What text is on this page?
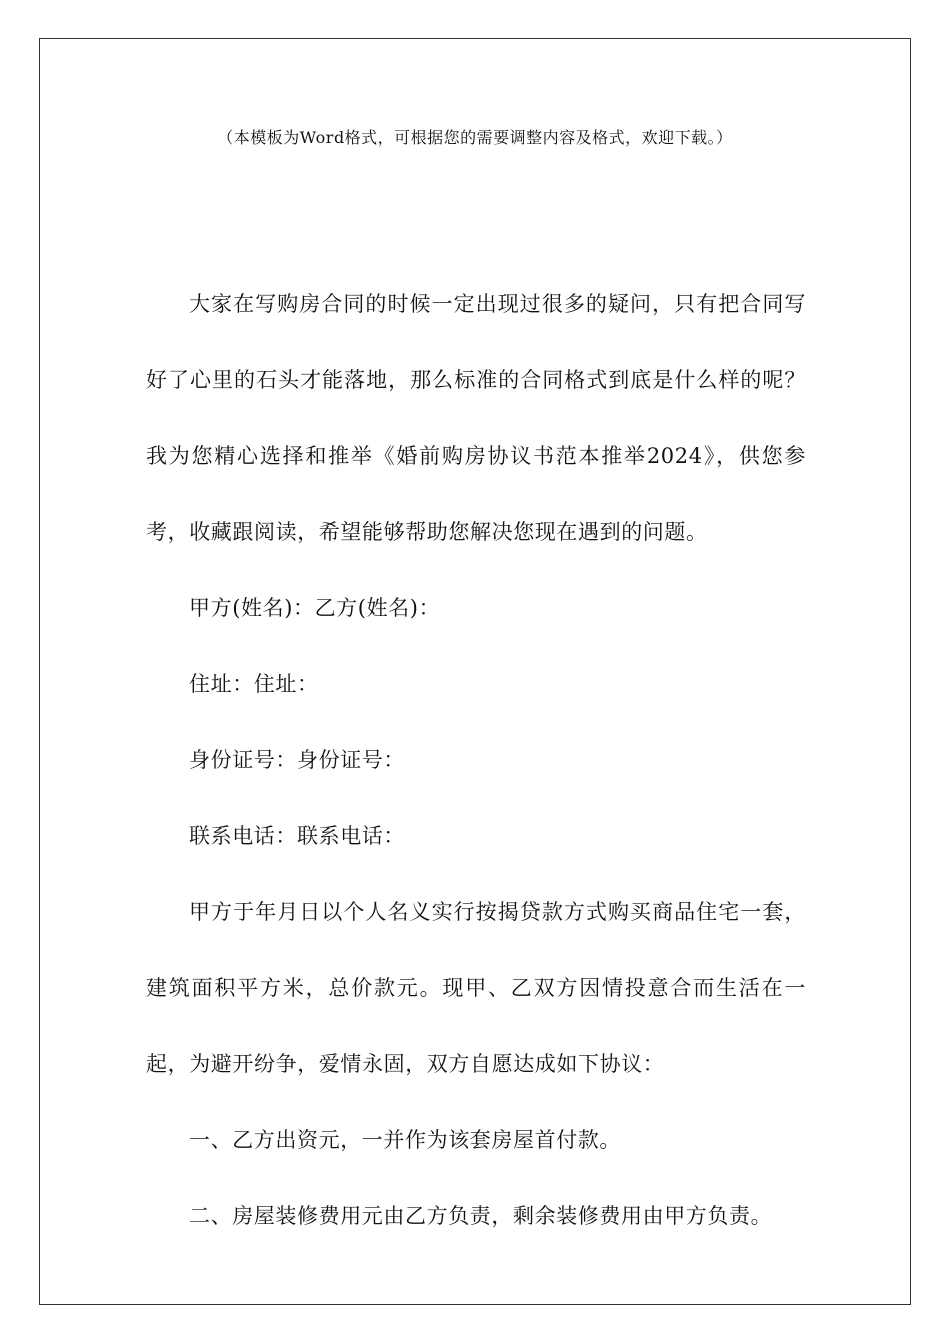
（本模板为Word格式，可根据您的需要调整内容及格式，欢迎下载。）

大家在写购房合同的时候一定出现过很多的疑问，只有把合同写好了心里的石头才能落地，那么标准的合同格式到底是什么样的呢？我为您精心选择和推举《婚前购房协议书范本推举2024》，供您参考，收藏跟阅读，希望能够帮助您解决您现在遇到的问题。

甲方(姓名)：乙方(姓名)：

住址：住址：

身份证号：身份证号：

联系电话：联系电话：

甲方于年月日以个人名义实行按揭贷款方式购买商品住宅一套，建筑面积平方米，总价款元。现甲、乙双方因情投意合而生活在一起，为避开纷争，爱情永固，双方自愿达成如下协议：

一、乙方出资元，一并作为该套房屋首付款。

二、房屋装修费用元由乙方负责，剩余装修费用由甲方负责。
